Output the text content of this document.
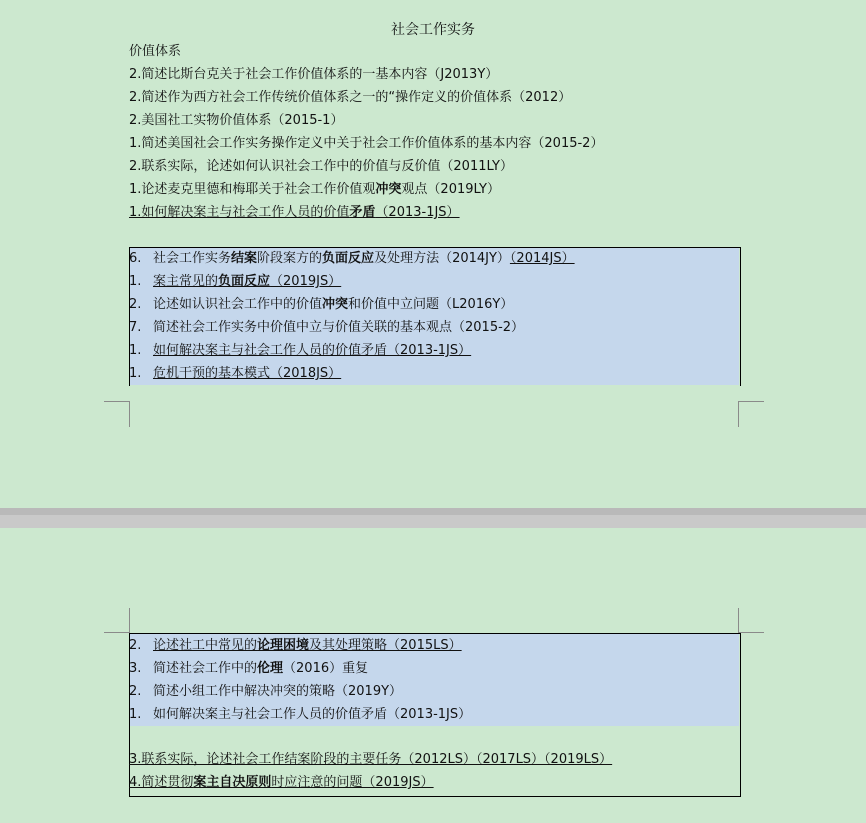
社会工作实务
价值体系
2.简述比斯台克关于社会工作价值体系的一基本内容（J2013Y）
2.简述作为西方社会工作传统价值体系之一的“操作定义的价值体系（2012）
2.美国社工实物价值体系（2015-1）
1.简述美国社会工作实务操作定义中关于社会工作价值体系的基本内容（2015-2）
2.联系实际，论述如何认识社会工作中的价值与反价值（2011LY）
1.论述麦克里德和梅耶关于社会工作价值观冲突观点（2019LY）
1.如何解决案主与社会工作人员的价值矛盾（2013-1JS）
6. 社会工作实务结案阶段案方的负面反应及处理方法（2014JY）（2014JS）
1. 案主常见的负面反应（2019JS）
2. 论述如认识社会工作中的价值冲突和价值中立问题（L2016Y）
7. 简述社会工作实务中价值中立与价值关联的基本观点（2015-2）
1. 如何解决案主与社会工作人员的价值矛盾（2013-1JS）
1. 危机干预的基本模式（2018JS）
2. 论述社工中常见的论理困境及其处理策略（2015LS）
3. 简述社会工作中的伦理（2016）重复
2. 简述小组工作中解决冲突的策略（2019Y）
1. 如何解决案主与社会工作人员的价值矛盾（2013-1JS）
3.联系实际，论述社会工作结案阶段的主要任务（2012LS）（2017LS）（2019LS）
4.简述贯彻案主自决原则时应注意的问题（2019JS）
